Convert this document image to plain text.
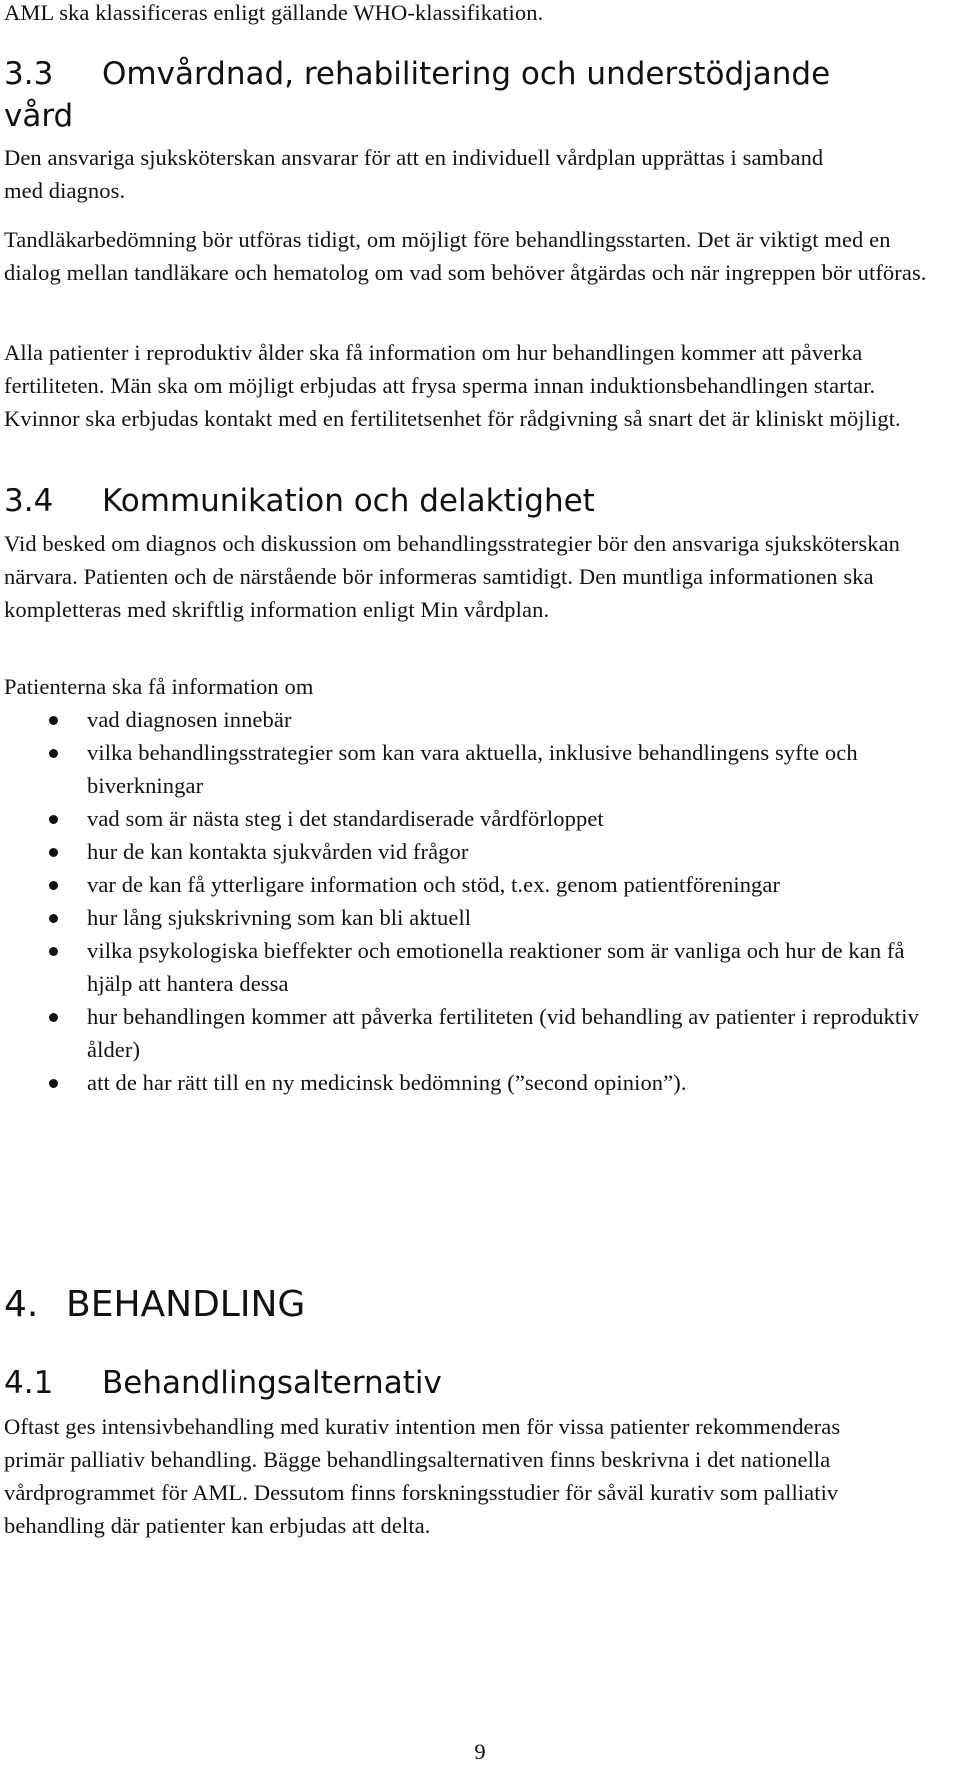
AML ska klassificeras enligt gällande WHO-klassifikation.

3.3 Omvårdnad, rehabilitering och understödjande
vård

Den ansvariga sjuksköterskan ansvarar för att en individuell vårdplan upprättas i samband med diagnos.

Tandläkarbedömning bör utföras tidigt, om möjligt före behandlingsstarten. Det är viktigt med en dialog mellan tandläkare och hematolog om vad som behöver åtgärdas och när ingreppen bör utföras.

Alla patienter i reproduktiv ålder ska få information om hur behandlingen kommer att påverka fertiliteten. Män ska om möjligt erbjudas att frysa sperma innan induktionsbehandlingen startar. Kvinnor ska erbjudas kontakt med en fertilitetsenhet för rådgivning så snart det är kliniskt möjligt.

3.4 Kommunikation och delaktighet

Vid besked om diagnos och diskussion om behandlingsstrategier bör den ansvariga sjuksköterskan närvara. Patienten och de närstående bör informeras samtidigt. Den muntliga informationen ska kompletteras med skriftlig information enligt Min vårdplan.

Patienterna ska få information om

vad diagnosen innebär
vilka behandlingsstrategier som kan vara aktuella, inklusive behandlingens syfte och biverkningar
vad som är nästa steg i det standardiserade vårdförloppet
hur de kan kontakta sjukvården vid frågor
var de kan få ytterligare information och stöd, t.ex. genom patientföreningar
hur lång sjukskrivning som kan bli aktuell
vilka psykologiska bieffekter och emotionella reaktioner som är vanliga och hur de kan få hjälp att hantera dessa
hur behandlingen kommer att påverka fertiliteten (vid behandling av patienter i reproduktiv ålder)
att de har rätt till en ny medicinsk bedömning (”second opinion”).
4. BEHANDLING
4.1 Behandlingsalternativ

Oftast ges intensivbehandling med kurativ intention men för vissa patienter rekommenderas primär palliativ behandling. Bägge behandlingsalternativen finns beskrivna i det nationella vårdprogrammet för AML. Dessutom finns forskningsstudier för såväl kurativ som palliativ behandling där patienter kan erbjudas att delta.

9
